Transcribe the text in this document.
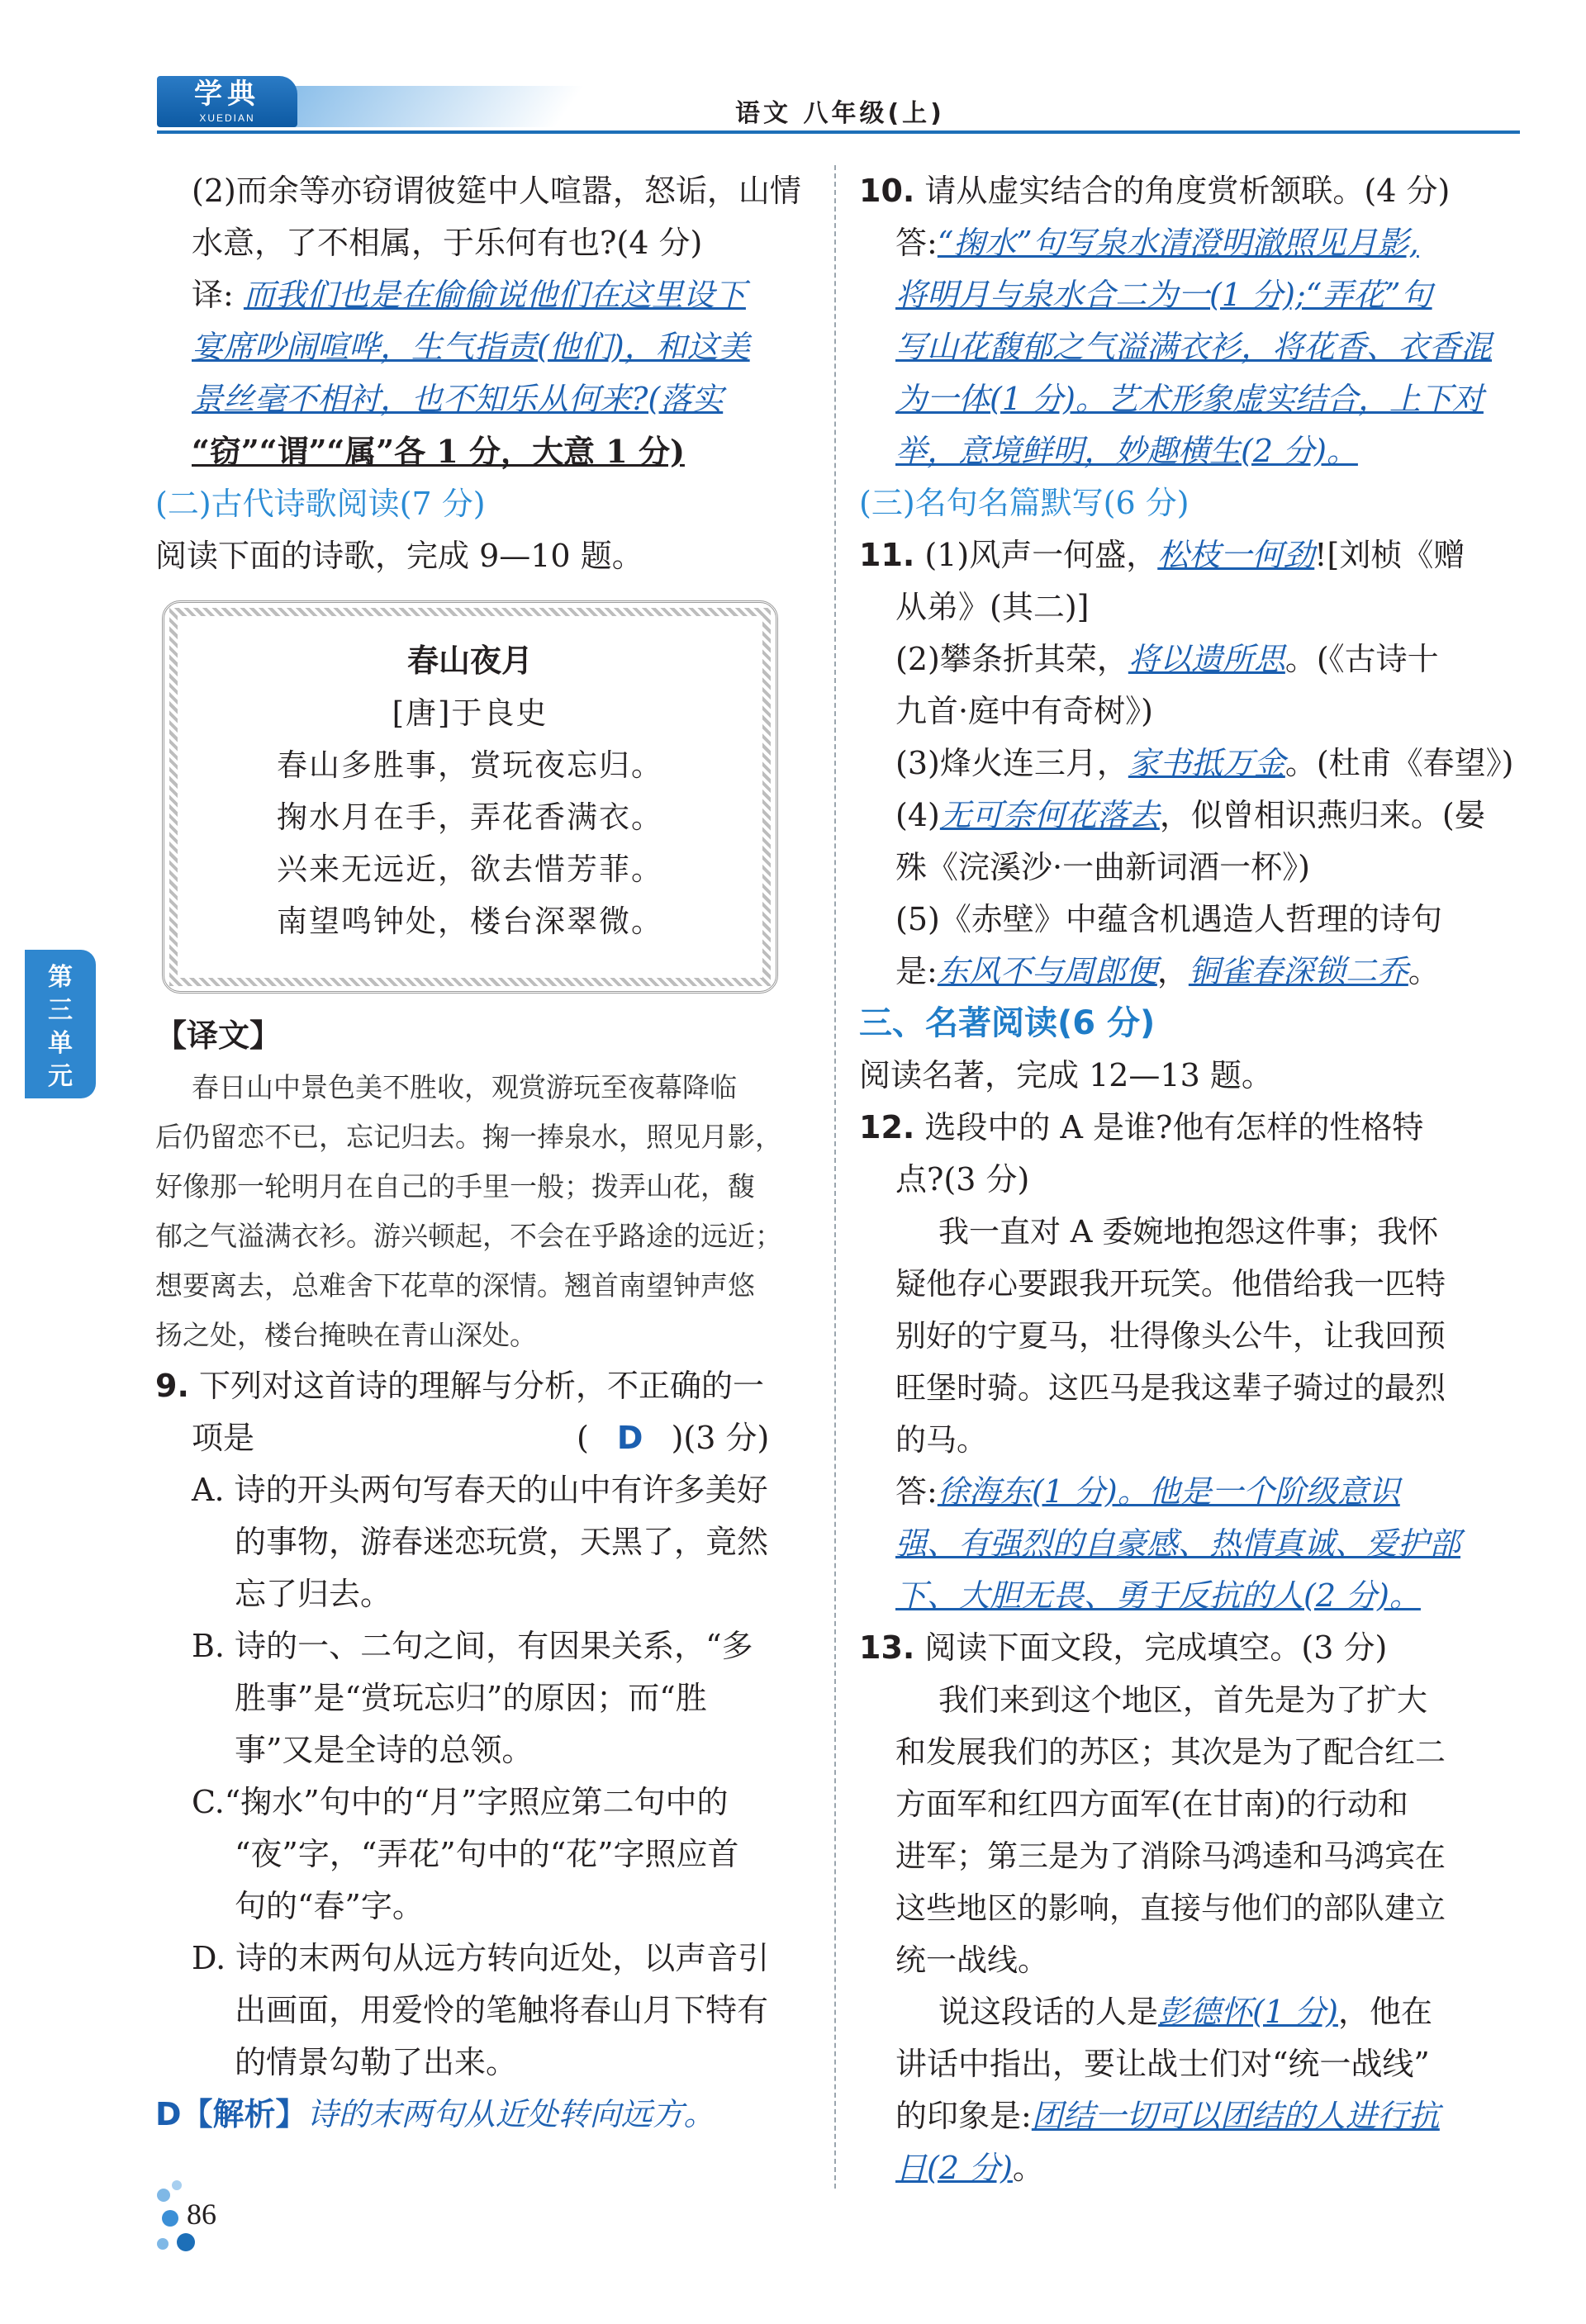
学典
XUEDIAN	语文 八年级(上)
第三单元
(2)而余等亦窃谓彼筵中人喧嚣，怒诟，山情
水意，了不相属，于乐何有也?(4 分)
译: 而我们也是在偷偷说他们在这里设下
宴席吵闹喧哗，生气指责(他们)，和这美
景丝毫不相衬，也不知乐从何来?(落实
“窃”“谓”“属”各 1 分，大意 1 分)
(二)古代诗歌阅读(7 分)
阅读下面的诗歌，完成 9—10 题。
春山夜月
[唐]于良史
春山多胜事，赏玩夜忘归。
掬水月在手，弄花香满衣。
兴来无远近，欲去惜芳菲。
南望鸣钟处，楼台深翠微。
【译文】
春日山中景色美不胜收，观赏游玩至夜幕降临
后仍留恋不已，忘记归去。掬一捧泉水，照见月影，
好像那一轮明月在自己的手里一般；拨弄山花，馥
郁之气溢满衣衫。游兴顿起，不会在乎路途的远近；
想要离去，总难舍下花草的深情。翘首南望钟声悠
扬之处，楼台掩映在青山深处。
9. 下列对这首诗的理解与分析，不正确的一
项是	( D )(3 分)
A. 诗的开头两句写春天的山中有许多美好
的事物，游春迷恋玩赏，天黑了，竟然
忘了归去。
B. 诗的一、二句之间，有因果关系，“多
胜事”是“赏玩忘归”的原因；而“胜
事”又是全诗的总领。
C.“掬水”句中的“月”字照应第二句中的
“夜”字，“弄花”句中的“花”字照应首
句的“春”字。
D. 诗的末两句从远方转向近处，以声音引
出画面，用爱怜的笔触将春山月下特有
的情景勾勒了出来。
D【解析】诗的末两句从近处转向远方。
10. 请从虚实结合的角度赏析颔联。(4 分)
答:“掬水”句写泉水清澄明澈照见月影,
将明月与泉水合二为一(1 分);“弄花”句
写山花馥郁之气溢满衣衫，将花香、衣香混
为一体(1 分)。艺术形象虚实结合，上下对
举，意境鲜明，妙趣横生(2 分)。
(三)名句名篇默写(6 分)
11. (1)风声一何盛，松枝一何劲![刘桢《赠
从弟》(其二)]
(2)攀条折其荣，将以遗所思。(《古诗十
九首·庭中有奇树》)
(3)烽火连三月，家书抵万金。(杜甫《春望》)
(4)无可奈何花落去，似曾相识燕归来。(晏
殊《浣溪沙·一曲新词酒一杯》)
(5)《赤壁》中蕴含机遇造人哲理的诗句
是:东风不与周郎便，铜雀春深锁二乔。
三、名著阅读(6 分)
阅读名著，完成 12—13 题。
12. 选段中的 A 是谁?他有怎样的性格特
点?(3 分)
我一直对 A 委婉地抱怨这件事；我怀
疑他存心要跟我开玩笑。他借给我一匹特
别好的宁夏马，壮得像头公牛，让我回预
旺堡时骑。这匹马是我这辈子骑过的最烈
的马。
答:徐海东(1 分)。他是一个阶级意识
强、有强烈的自豪感、热情真诚、爱护部
下、大胆无畏、勇于反抗的人(2 分)。
13. 阅读下面文段，完成填空。(3 分)
我们来到这个地区，首先是为了扩大
和发展我们的苏区；其次是为了配合红二
方面军和红四方面军(在甘南)的行动和
进军；第三是为了消除马鸿逵和马鸿宾在
这些地区的影响，直接与他们的部队建立
统一战线。
说这段话的人是彭德怀(1 分)，他在
讲话中指出，要让战士们对“统一战线”
的印象是:团结一切可以团结的人进行抗
日(2 分)。
86
